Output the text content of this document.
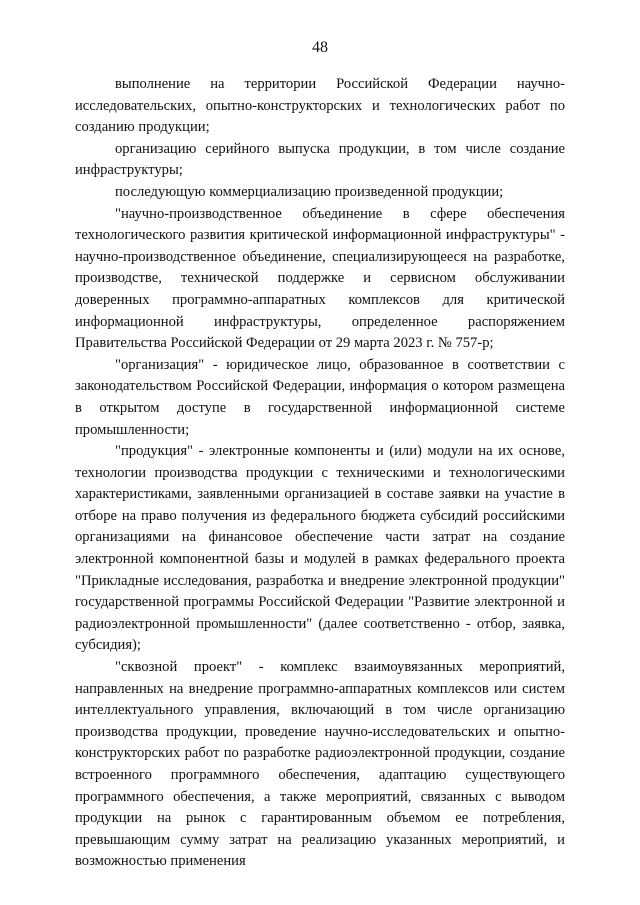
48

выполнение на территории Российской Федерации научно-исследовательских, опытно-конструкторских и технологических работ по созданию продукции;

организацию серийного выпуска продукции, в том числе создание инфраструктуры;

последующую коммерциализацию произведенной продукции;

"научно-производственное объединение в сфере обеспечения технологического развития критической информационной инфраструктуры" - научно-производственное объединение, специализирующееся на разработке, производстве, технической поддержке и сервисном обслуживании доверенных программно-аппаратных комплексов для критической информационной инфраструктуры, определенное распоряжением Правительства Российской Федерации от 29 марта 2023 г. № 757-р;

"организация" - юридическое лицо, образованное в соответствии с законодательством Российской Федерации, информация о котором размещена в открытом доступе в государственной информационной системе промышленности;

"продукция" - электронные компоненты и (или) модули на их основе, технологии производства продукции с техническими и технологическими характеристиками, заявленными организацией в составе заявки на участие в отборе на право получения из федерального бюджета субсидий российскими организациями на финансовое обеспечение части затрат на создание электронной компонентной базы и модулей в рамках федерального проекта "Прикладные исследования, разработка и внедрение электронной продукции" государственной программы Российской Федерации "Развитие электронной и радиоэлектронной промышленности" (далее соответственно - отбор, заявка, субсидия);

"сквозной проект" - комплекс взаимоувязанных мероприятий, направленных на внедрение программно-аппаратных комплексов или систем интеллектуального управления, включающий в том числе организацию производства продукции, проведение научно-исследовательских и опытно-конструкторских работ по разработке радиоэлектронной продукции, создание встроенного программного обеспечения, адаптацию существующего программного обеспечения, а также мероприятий, связанных с выводом продукции на рынок с гарантированным объемом ее потребления, превышающим сумму затрат на реализацию указанных мероприятий, и возможностью применения
